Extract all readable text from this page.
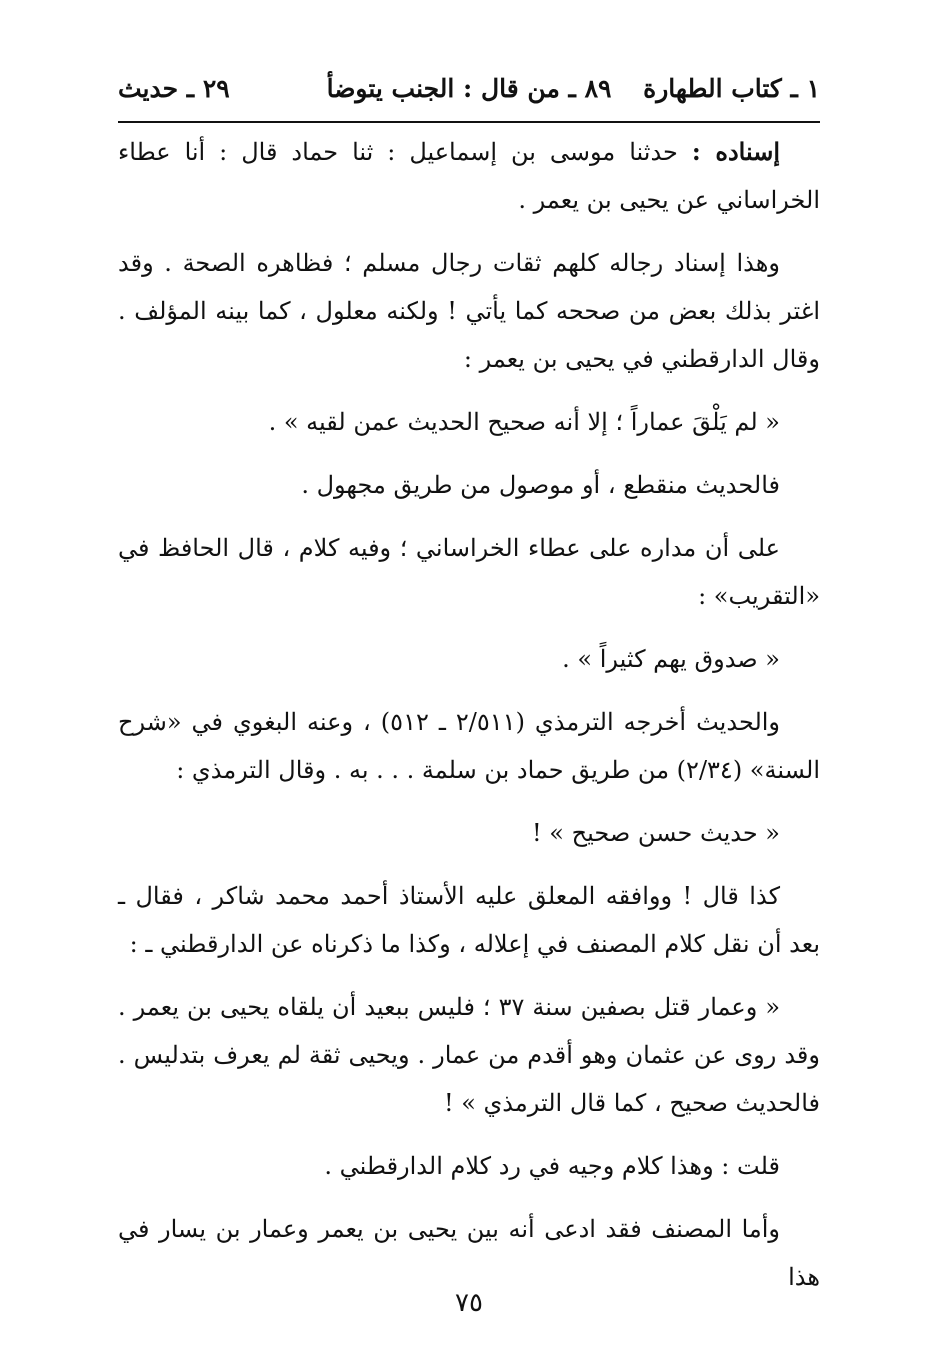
١ ـ كتاب الطهارة
٨٩ ـ من قال : الجنب يتوضأ
٢٩ ـ حديث

إسناده : حدثنا موسى بن إسماعيل : ثنا حماد قال : أنا عطاء الخراساني عن يحيى بن يعمر .

وهذا إسناد رجاله كلهم ثقات رجال مسلم ؛ فظاهره الصحة . وقد اغتر بذلك بعض من صححه كما يأتي ! ولكنه معلول ، كما بينه المؤلف . وقال الدارقطني في يحيى بن يعمر :

« لم يَلْقَ عماراً ؛ إلا أنه صحيح الحديث عمن لقيه » .

فالحديث منقطع ، أو موصول من طريق مجهول .

على أن مداره على عطاء الخراساني ؛ وفيه كلام ، قال الحافظ في «التقريب» :

« صدوق يهم كثيراً » .

والحديث أخرجه الترمذي (٢/٥١١ ـ ٥١٢) ، وعنه البغوي في «شرح السنة» (٢/٣٤) من طريق حماد بن سلمة . . . به . وقال الترمذي :

« حديث حسن صحيح » !

كذا قال ! ووافقه المعلق عليه الأستاذ أحمد محمد شاكر ، فقال ـ بعد أن نقل كلام المصنف في إعلاله ، وكذا ما ذكرناه عن الدارقطني ـ :

« وعمار قتل بصفين سنة ٣٧ ؛ فليس ببعيد أن يلقاه يحيى بن يعمر . وقد روى عن عثمان وهو أقدم من عمار . ويحيى ثقة لم يعرف بتدليس . فالحديث صحيح ، كما قال الترمذي » !

قلت : وهذا كلام وجيه في رد كلام الدارقطني .

وأما المصنف فقد ادعى أنه بين يحيى بن يعمر وعمار بن يسار في هذا

٧٥
